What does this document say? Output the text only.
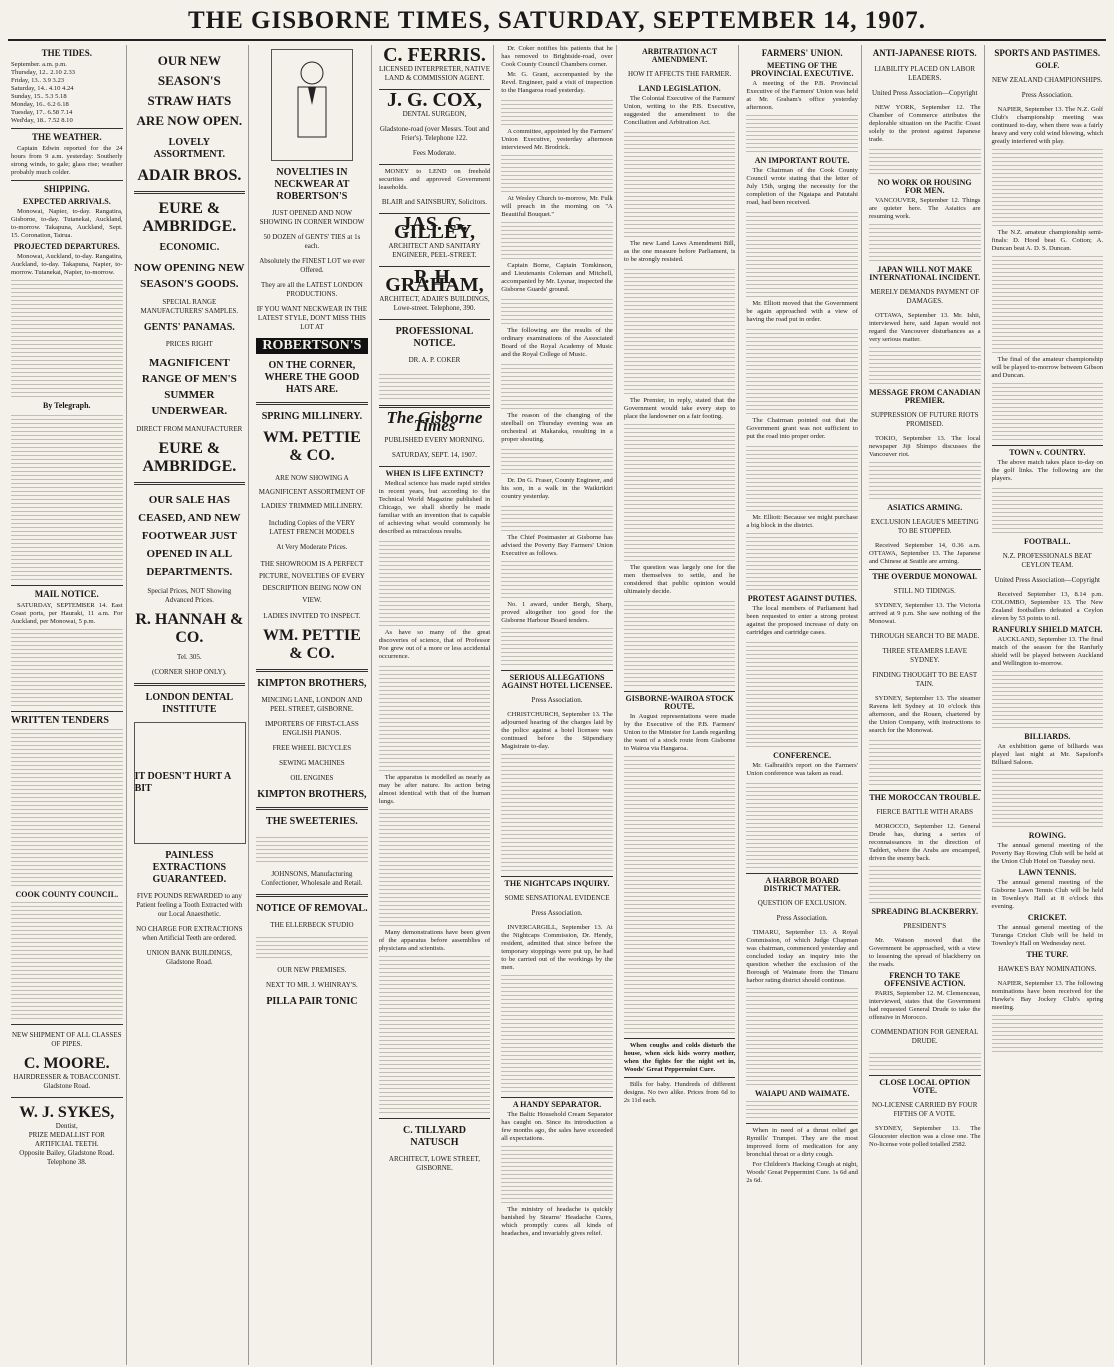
THE GISBORNE TIMES, SATURDAY, SEPTEMBER 14, 1907.
THE TIDES.
September. a.m. p.m.
Thursday, 12.. 2.10 2.33
Friday, 13.. 3.9 3.23
Saturday, 14.. 4.10 4.24
Sunday, 15.. 5.3 5.18
Monday, 16.. 6.2 6.18
Tuesday, 17.. 6.58 7.14
Wed'day, 18.. 7.52 8.10
THE WEATHER.
Captain Edwin reported for the 24 hours from 9 a.m. yesterday: Southerly strong winds, to gale; glass rise; weather probably much colder.
SHIPPING.
EXPECTED ARRIVALS.
Monowai, Napier, to-day. Rangatira, Gisborne, to-day. Tutanekai, Auckland, to-morrow. Takapuna, Auckland, Sept. 15. Coronation, Tairua.
PROJECTED DEPARTURES.
Monowai, Auckland, to-day. Rangatira, Auckland, to-day. Takapuna, Napier, to-morrow. Tutanekai, Napier, to-morrow.
By Telegraph.
MAIL NOTICE.
SATURDAY, SEPTEMBER 14. East Coast ports, per Hauraki, 11 a.m. For Auckland, per Monowai, 5 p.m.
WRITTEN TENDERS
COOK COUNTY COUNCIL.
NEW SHIPMENT OF ALL CLASSES OF PIPES.
C. MOORE.
HAIRDRESSER & TOBACCONIST.
Gladstone Road.
W. J. SYKES,
Dentist,
PRIZE MEDALLIST FOR ARTIFICIAL TEETH.
Opposite Bailey, Gladstone Road. Telephone 38.
OUR NEW SEASON'S STRAW HATS ARE NOW OPEN.
LOVELY ASSORTMENT.
ADAIR BROS.
EURE & AMBRIDGE.
ECONOMIC.
NOW OPENING NEW SEASON'S GOODS.
SPECIAL RANGE MANUFACTURERS' SAMPLES.
GENTS' PANAMAS.
PRICES RIGHT
MAGNIFICENT RANGE OF MEN'S SUMMER UNDERWEAR.
DIRECT FROM MANUFACTURER
EURE & AMBRIDGE.
OUR SALE HAS CEASED, AND NEW FOOTWEAR JUST OPENED IN ALL DEPARTMENTS.
Special Prices, NOT Showing Advanced Prices.
R. HANNAH & CO.
Tel. 305.
(CORNER SHOP ONLY).
LONDON DENTAL INSTITUTE
IT DOESN'T HURT A BIT
PAINLESS EXTRACTIONS GUARANTEED.
FIVE POUNDS REWARDED to any Patient feeling a Tooth Extracted with our Local Anaesthetic.
NO CHARGE FOR EXTRACTIONS when Artificial Teeth are ordered.
UNION BANK BUILDINGS, Gladstone Road.
NOVELTIES IN NECKWEAR AT ROBERTSON'S
JUST OPENED AND NOW SHOWING IN CORNER WINDOW
50 DOZEN of GENTS' TIES at 1s each.
Absolutely the FINEST LOT we ever Offered.
They are all the LATEST LONDON PRODUCTIONS.
IF YOU WANT NECKWEAR IN THE LATEST STYLE, DON'T MISS THIS LOT AT
ROBERTSON'S
ON THE CORNER, WHERE THE GOOD HATS ARE.
SPRING MILLINERY.
WM. PETTIE & CO.
ARE NOW SHOWING A MAGNIFICENT ASSORTMENT OF LADIES' TRIMMED MILLINERY.
Including Copies of the VERY LATEST FRENCH MODELS
At Very Moderate Prices.
THE SHOWROOM IS A PERFECT PICTURE, NOVELTIES OF EVERY DESCRIPTION BEING NOW ON VIEW.
LADIES INVITED TO INSPECT.
WM. PETTIE & CO.
KIMPTON BROTHERS,
MINCING LANE, LONDON AND PEEL STREET, GISBORNE.
IMPORTERS OF FIRST-CLASS ENGLISH PIANOS.
FREE WHEEL BICYCLES
SEWING MACHINES
OIL ENGINES
KIMPTON BROTHERS,
THE SWEETERIES.
JOHNSONS, Manufacturing Confectioner, Wholesale and Retail.
NOTICE OF REMOVAL.
THE ELLERBECK STUDIO
OUR NEW PREMISES.
NEXT TO MR. J. WHINRAY'S.
PILLA PAIR TONIC
C. FERRIS.
LICENSED INTERPRETER, NATIVE LAND & COMMISSION AGENT.
J. G. COX,
DENTAL SURGEON,
Gladstone-road (over Messrs. Tout and Frier's). Telephone 122.
Fees Moderate.
MONEY to LEND on freehold securities and approved Government leaseholds.
BLAIR and SAINSBURY, Solicitors.
JAS. G. GILLEY,
ARCHITECT AND SANITARY ENGINEER, PEEL-STREET.
P. H. GRAHAM,
ARCHITECT, ADAIR'S BUILDINGS, Lowe-street. Telephone, 390.
PROFESSIONAL NOTICE.
DR. A. P. COKER
The Gisborne Times
PUBLISHED EVERY MORNING.
SATURDAY, SEPT. 14, 1907.
WHEN IS LIFE EXTINCT?
Medical science has made rapid strides in recent years, but according to the Technical World Magazine published in Chicago, we shall shortly be made familiar with an invention that is capable of achieving what would commonly be described as miraculous results.
As have so many of the great discoveries of science, that of Professor Poe grew out of a more or less accidental occurrence.
The apparatus is modelled as nearly as may be after nature. Its action being almost identical with that of the human lungs.
Many demonstrations have been given of the apparatus before assemblies of physicians and scientists.
C. TILLYARD NATUSCH
ARCHITECT, LOWE STREET, GISBORNE.
Dr. Coker notifies his patients that he has removed to Brightside-road, over Cook County Council Chambers corner.
Mr. G. Grant, accompanied by the Revd. Engineer, paid a visit of inspection to the Hangaroa road yesterday.
A committee, appointed by the Farmers' Union Executive, yesterday afternoon interviewed Mr. Brodrick.
At Wesley Church to-morrow, Mr. Fulk will preach in the morning on "A Beautiful Bouquet."
Captain Borne, Captain Tomkinson, and Lieutenants Coleman and Mitchell, accompanied by Mr. Lysnar, inspected the Gisborne Guards' ground.
The following are the results of the ordinary examinations of the Associated Board of the Royal Academy of Music and the Royal College of Music.
The reason of the changing of the steelball on Thursday evening was an orchestral at Makaraka, resulting in a proper shouting.
Dr. Dn G. Fraser, County Engineer, and his son, in a walk in the Waikirikiri country yesterday.
The Chief Postmaster at Gisborne has advised the Poverty Bay Farmers' Union Executive as follows.
No. 1 award, under Bergh, Sharp, proved altogether too good for the Gisborne Harbour Board tenders.
SERIOUS ALLEGATIONS AGAINST HOTEL LICENSEE.
Press Association.
CHRISTCHURCH, September 13. The adjourned hearing of the charges laid by the police against a hotel licensee was continued before the Stipendiary Magistrate to-day.
THE NIGHTCAPS INQUIRY.
SOME SENSATIONAL EVIDENCE
Press Association.
INVERCARGILL, September 13. At the Nightcaps Commission, Dr. Hendy, resident, admitted that since before the temporary stoppings were put up, he had to be carried out of the workings by the men.
A HANDY SEPARATOR.
The Baltic Household Cream Separator has caught on. Since its introduction a few months ago, the sales have exceeded all expectations.
The ministry of headache is quickly banished by Stearns' Headache Cures, which promptly cures all kinds of headaches, and invariably gives relief.
ARBITRATION ACT AMENDMENT.
HOW IT AFFECTS THE FARMER.
LAND LEGISLATION.
The Colonial Executive of the Farmers' Union, writing to the P.B. Executive, suggested the amendment to the Conciliation and Arbitration Act.
The new Land Laws Amendment Bill, as the one measure before Parliament, is to be strongly resisted.
The Premier, in reply, stated that the Government would take every step to place the landowner on a fair footing.
The question was largely one for the men themselves to settle, and he considered that public opinion would ultimately decide.
GISBORNE-WAIROA STOCK ROUTE.
In August representations were made by the Executive of the P.B. Farmers' Union to the Minister for Lands regarding the want of a stock route from Gisborne to Wairoa via Hangaroa.
When coughs and colds disturb the house, when sick kids worry mother, when the fights for the night set in, Woods' Great Peppermint Cure.
Bills for baby. Hundreds of different designs. No two alike. Prices from 6d to 2s 11d each.
FARMERS' UNION.
MEETING OF THE PROVINCIAL EXECUTIVE.
A meeting of the P.B. Provincial Executive of the Farmers' Union was held at Mr. Graham's office yesterday afternoon.
AN IMPORTANT ROUTE.
The Chairman of the Cook County Council wrote stating that the letter of July 15th, urging the necessity for the completion of the Ngatapa and Patutahi road, had been received.
Mr. Elliott moved that the Government be again approached with a view of having the road put in order.
The Chairman pointed out that the Government grant was not sufficient to put the road into proper order.
Mr. Elliott: Because we might purchase a big block in the district.
PROTEST AGAINST DUTIES.
The local members of Parliament had been requested to enter a strong protest against the proposed increase of duty on cartridges and cartridge cases.
CONFERENCE.
Mr. Galbraith's report on the Farmers' Union conference was taken as read.
A HARBOR BOARD DISTRICT MATTER.
QUESTION OF EXCLUSION.
Press Association.
TIMARU, September 13. A Royal Commission, of which Judge Chapman was chairman, commenced yesterday and concluded today an inquiry into the question whether the exclusion of the Borough of Waimate from the Timaru harbor rating district should continue.
WAIAPU AND WAIMATE.
When in need of a thrust relief get Rymills' Trumpet. They are the most improved form of medication for any bronchial throat or a dirty cough.
For Children's Hacking Cough at night, Woods' Great Peppermint Cure. 1s 6d and 2s 6d.
ANTI-JAPANESE RIOTS.
LIABILITY PLACED ON LABOR LEADERS.
United Press Association—Copyright
NEW YORK, September 12. The Chamber of Commerce attributes the deplorable situation on the Pacific Coast solely to the protest against Japanese trade.
NO WORK OR HOUSING FOR MEN.
VANCOUVER, September 12. Things are quieter here. The Asiatics are resuming work.
JAPAN WILL NOT MAKE INTERNATIONAL INCIDENT.
MERELY DEMANDS PAYMENT OF DAMAGES.
OTTAWA, September 13. Mr. Ishii, interviewed here, said Japan would not regard the Vancouver disturbances as a very serious matter.
MESSAGE FROM CANADIAN PREMIER.
SUPPRESSION OF FUTURE RIOTS PROMISED.
TOKIO, September 13. The local newspaper Jiji Shimpo discusses the Vancouver riot.
ASIATICS ARMING.
EXCLUSION LEAGUE'S MEETING TO BE STOPPED.
Received September 14, 0.36 a.m. OTTAWA, September 13. The Japanese and Chinese at Seattle are arming.
THE OVERDUE MONOWAI.
STILL NO TIDINGS.
SYDNEY, September 13. The Victoria arrived at 9 p.m. She saw nothing of the Monowai.
THROUGH SEARCH TO BE MADE.
THREE STEAMERS LEAVE SYDNEY.
FINDING THOUGHT TO BE EAST TAIN.
SYDNEY, September 13. The steamer Ravens left Sydney at 10 o'clock this afternoon, and the Rouen, chartered by the Union Company, with instructions to search for the Monowai.
THE MOROCCAN TROUBLE.
FIERCE BATTLE WITH ARABS
MOROCCO, September 12. General Drude has, during a series of reconnaissances in the direction of Taddert, where the Arabs are encamped, driven the enemy back.
SPREADING BLACKBERRY.
PRESIDENT'S
Mr. Watson moved that the Government be approached, with a view to lessening the spread of blackberry on the roads.
FRENCH TO TAKE OFFENSIVE ACTION.
PARIS, September 12. M. Clemenceau, interviewed, states that the Government had requested General Drude to take the offensive in Morocco.
COMMENDATION FOR GENERAL DRUDE.
CLOSE LOCAL OPTION VOTE.
NO-LICENSE CARRIED BY FOUR FIFTHS OF A VOTE.
SYDNEY, September 13. The Gloucester election was a close one. The No-license vote polled totalled 2582.
SPORTS AND PASTIMES.
GOLF.
NEW ZEALAND CHAMPIONSHIPS.
Press Association.
NAPIER, September 13. The N.Z. Golf Club's championship meeting was continued to-day, when there was a fairly heavy and very cold wind blowing, which greatly interfered with play.
The N.Z. amateur championship semi-finals: D. Hood beat G. Cotton; A. Duncan beat A. D. S. Duncan.
The final of the amateur championship will be played to-morrow between Gibson and Duncan.
TOWN v. COUNTRY.
The above match takes place to-day on the golf links. The following are the players.
FOOTBALL.
N.Z. PROFESSIONALS BEAT CEYLON TEAM.
United Press Association—Copyright
Received September 13, 8.14 p.m. COLOMBO, September 13. The New Zealand footballers defeated a Ceylon eleven by 53 points to nil.
RANFURLY SHIELD MATCH.
AUCKLAND, September 13. The final match of the season for the Ranfurly shield will be played between Auckland and Wellington to-morrow.
BILLIARDS.
An exhibition game of billiards was played last night at Mr. Sapsford's Billiard Saloon.
ROWING.
The annual general meeting of the Poverty Bay Rowing Club will be held at the Union Club Hotel on Tuesday next.
LAWN TENNIS.
The annual general meeting of the Gisborne Lawn Tennis Club will be held in Townley's Hall at 8 o'clock this evening.
CRICKET.
The annual general meeting of the Turanga Cricket Club will be held in Townley's Hall on Wednesday next.
THE TURF.
HAWKE'S BAY NOMINATIONS.
NAPIER, September 13. The following nominations have been received for the Hawke's Bay Jockey Club's spring meeting.
